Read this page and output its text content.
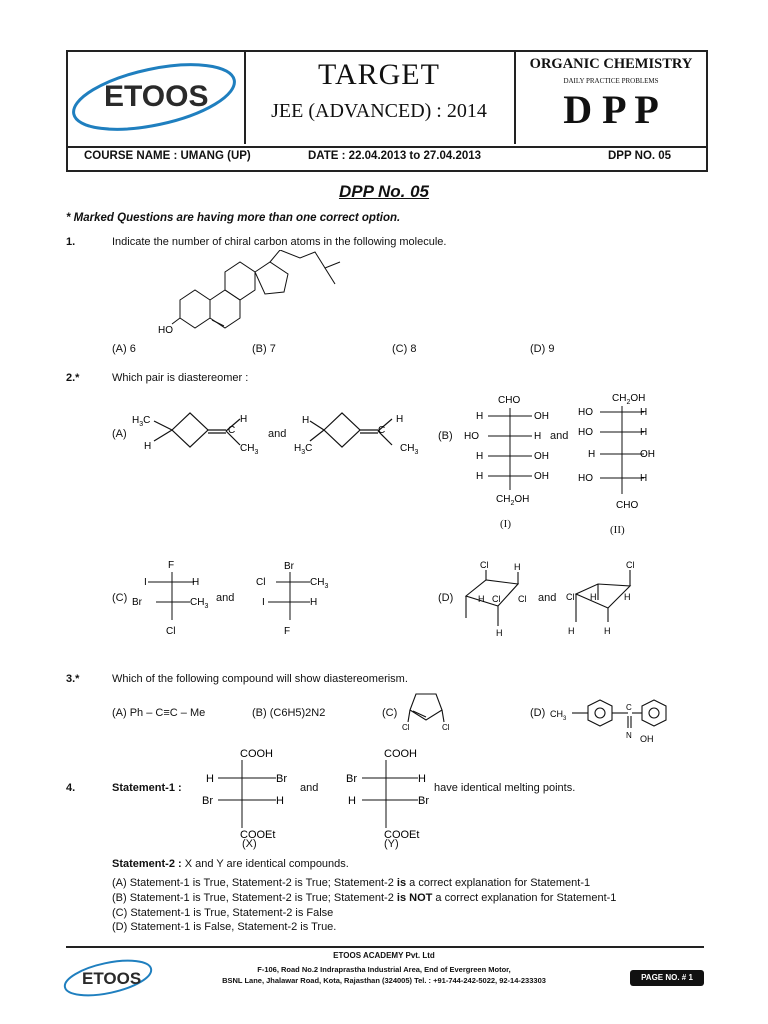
ETOOS
TARGET
JEE (ADVANCED) : 2014
ORGANIC CHEMISTRY
DAILY PRACTICE PROBLEMS
D P P
COURSE NAME : UMANG (UP)	DATE : 22.04.2013 to 27.04.2013	DPP NO. 05
DPP No. 05
* Marked Questions are having more than one correct option.
1.	Indicate the number of chiral carbon atoms in the following molecule.
HO
(A) 6	(B) 7	(C) 8	(D) 9
2.*	Which pair is diastereomer :
(A)
$H_3C$
H
C
H
$CH_3$
and
H
$H_3C$
C
H
$CH_3$
(B)
CHO
H	OH
HO	H
H	OH
H	OH
$CH_2OH$
and
$CH_2OH$
HO	H
HO	H
H	OH
HO	H
CHO
(I)	(II)
(C)
F
I	H
Br	$CH_3$
Cl
and
Br
Cl	$CH_3$
I	H
F
(D)
Cl	H
H Cl Cl
H
and
Cl
Cl H	H
H	H
3.*	Which of the following compound will show diastereomerism.
(A) Ph – C≡C – Me	(B) (C6H5)2N2	(C)
Cl	Cl
(D) $CH_3$
C
N OH
4.	Statement-1 :
COOH
H	Br
Br	H
COOEt
(X)
and
COOH
Br	H
H	Br
COOEt
(Y)
have identical melting points.
Statement-2 : X and Y are identical compounds.
(A) Statement-1 is True, Statement-2 is True; Statement-2 is a correct explanation for Statement-1
(B) Statement-1 is True, Statement-2 is True; Statement-2 is NOT a correct explanation for Statement-1
(C) Statement-1 is True, Statement-2 is False
(D) Statement-1 is False, Statement-2 is True.
ETOOS ACADEMY Pvt. Ltd
F-106, Road No.2 Indraprastha Industrial Area, End of Evergreen Motor,
BSNL Lane, Jhalawar Road, Kota, Rajasthan (324005) Tel. : +91-744-242-5022, 92-14-233303
ETOOS	PAGE NO. # 1
